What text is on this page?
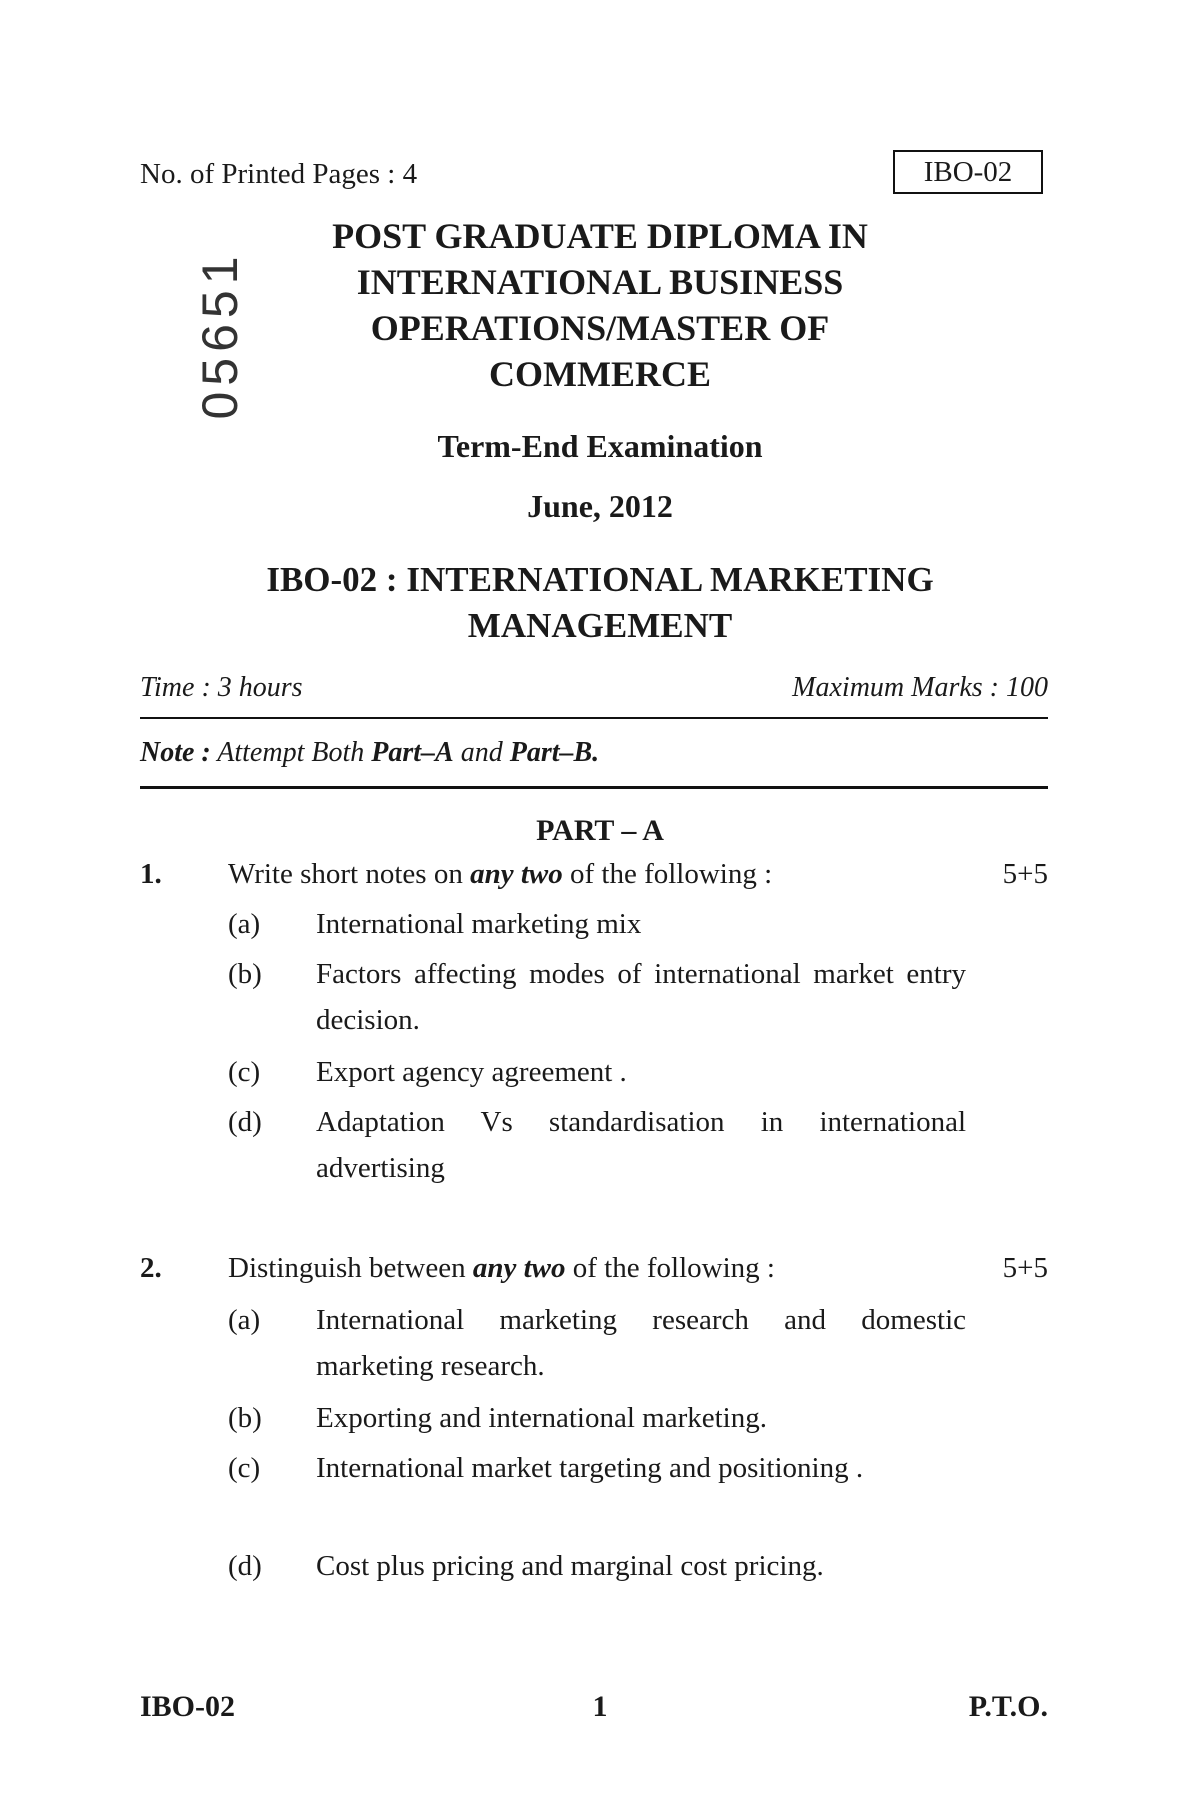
No. of Printed Pages : 4	IBO-02
05651
POST GRADUATE DIPLOMA IN
INTERNATIONAL BUSINESS
OPERATIONS/MASTER OF
COMMERCE
Term-End Examination
June, 2012
IBO-02 : INTERNATIONAL MARKETING
MANAGEMENT
Time : 3 hours	Maximum Marks : 100
Note : Attempt Both Part–A and Part–B.
PART – A
1. Write short notes on any two of the following :	5+5
(a) International marketing mix
(b) Factors affecting modes of international market entry decision.
(c) Export agency agreement .
(d) Adaptation Vs standardisation in international advertising
2. Distinguish between any two of the following :	5+5
(a) International marketing research and domestic marketing research.
(b) Exporting and international marketing.
(c) International market targeting and positioning .
(d) Cost plus pricing and marginal cost pricing.
IBO-02	1	P.T.O.
